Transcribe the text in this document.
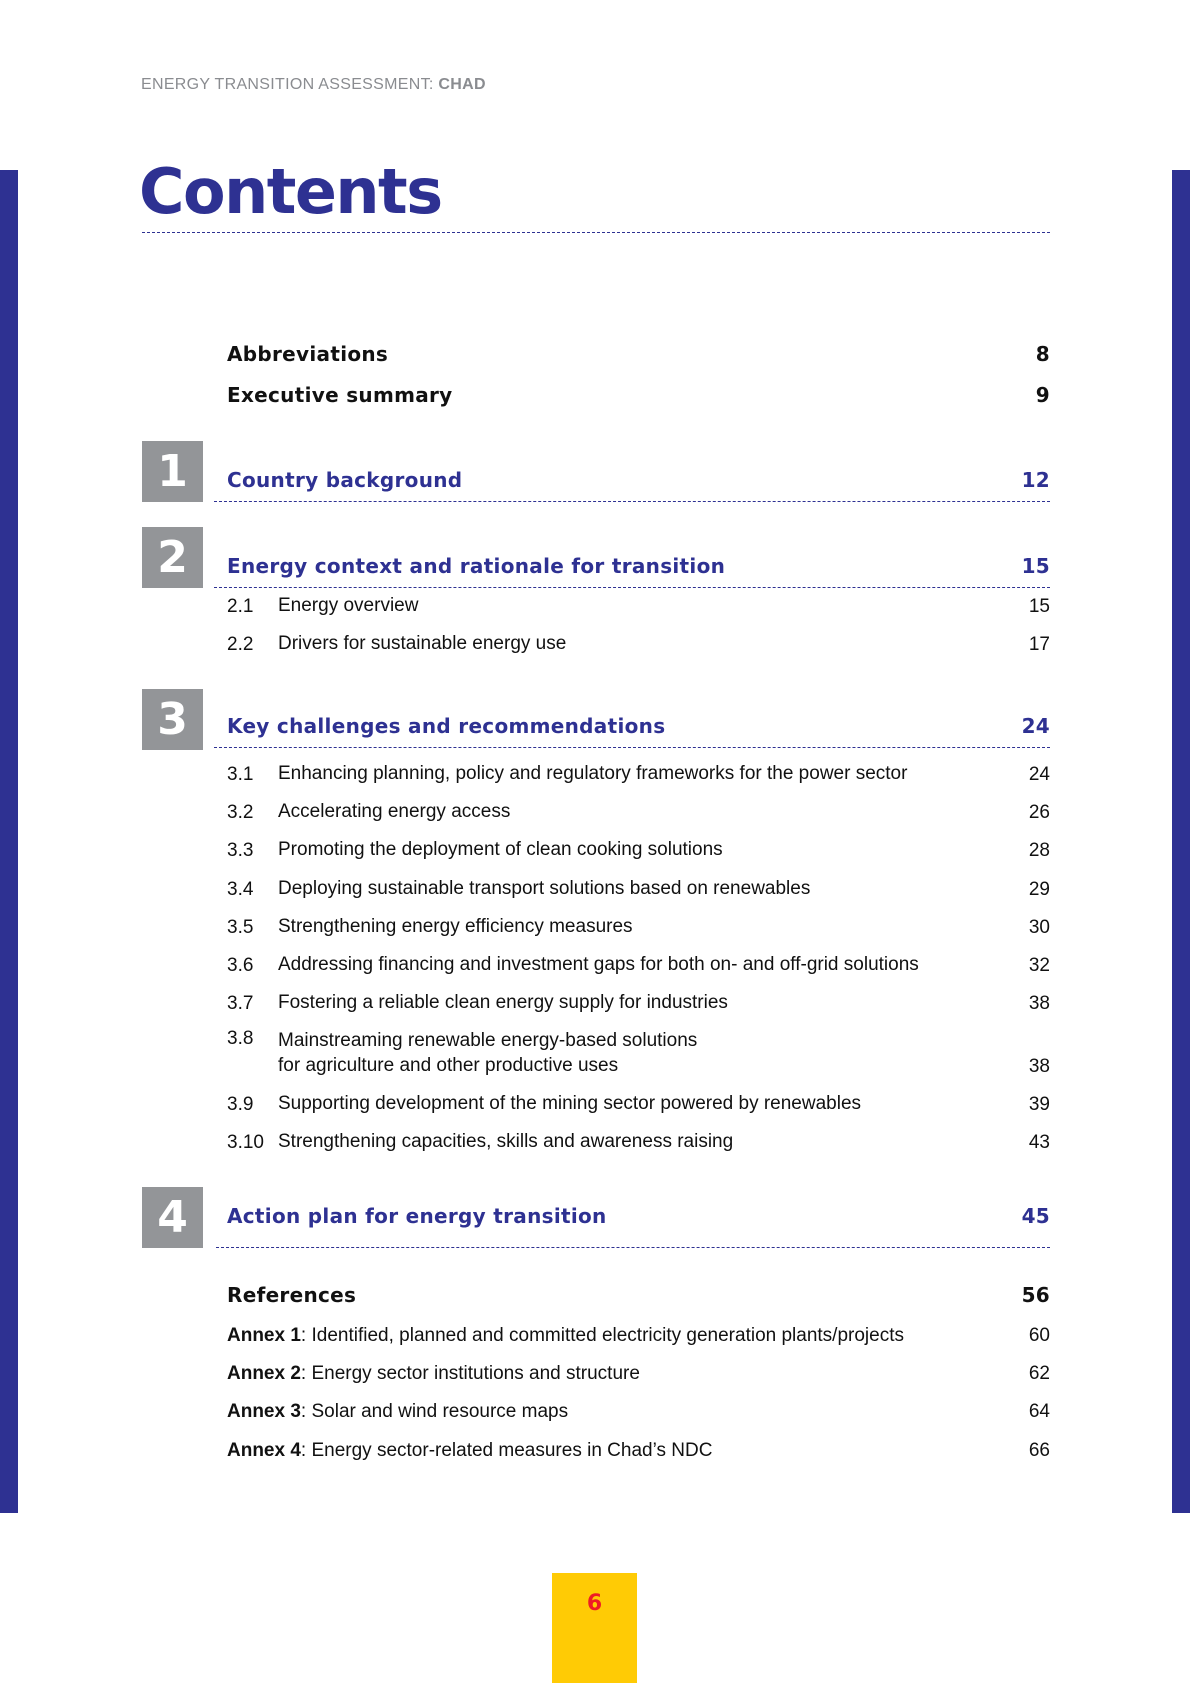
ENERGY TRANSITION ASSESSMENT: CHAD
Contents
Abbreviations	8
Executive summary	9
1	Country background	12
2	Energy context and rationale for transition	15
2.1	Energy overview	15
2.2	Drivers for sustainable energy use	17
3	Key challenges and recommendations	24
3.1	Enhancing planning, policy and regulatory frameworks for the power sector	24
3.2	Accelerating energy access	26
3.3	Promoting the deployment of clean cooking solutions	28
3.4	Deploying sustainable transport solutions based on renewables	29
3.5	Strengthening energy efficiency measures	30
3.6	Addressing financing and investment gaps for both on- and off-grid solutions	32
3.7	Fostering a reliable clean energy supply for industries	38
3.8	Mainstreaming renewable energy-based solutions
for agriculture and other productive uses	38
3.9	Supporting development of the mining sector powered by renewables	39
3.10 Strengthening capacities, skills and awareness raising	43
4	Action plan for energy transition	45
References	56
Annex 1: Identified, planned and committed electricity generation plants/projects	60
Annex 2: Energy sector institutions and structure	62
Annex 3: Solar and wind resource maps	64
Annex 4: Energy sector-related measures in Chad’s NDC	66
6
